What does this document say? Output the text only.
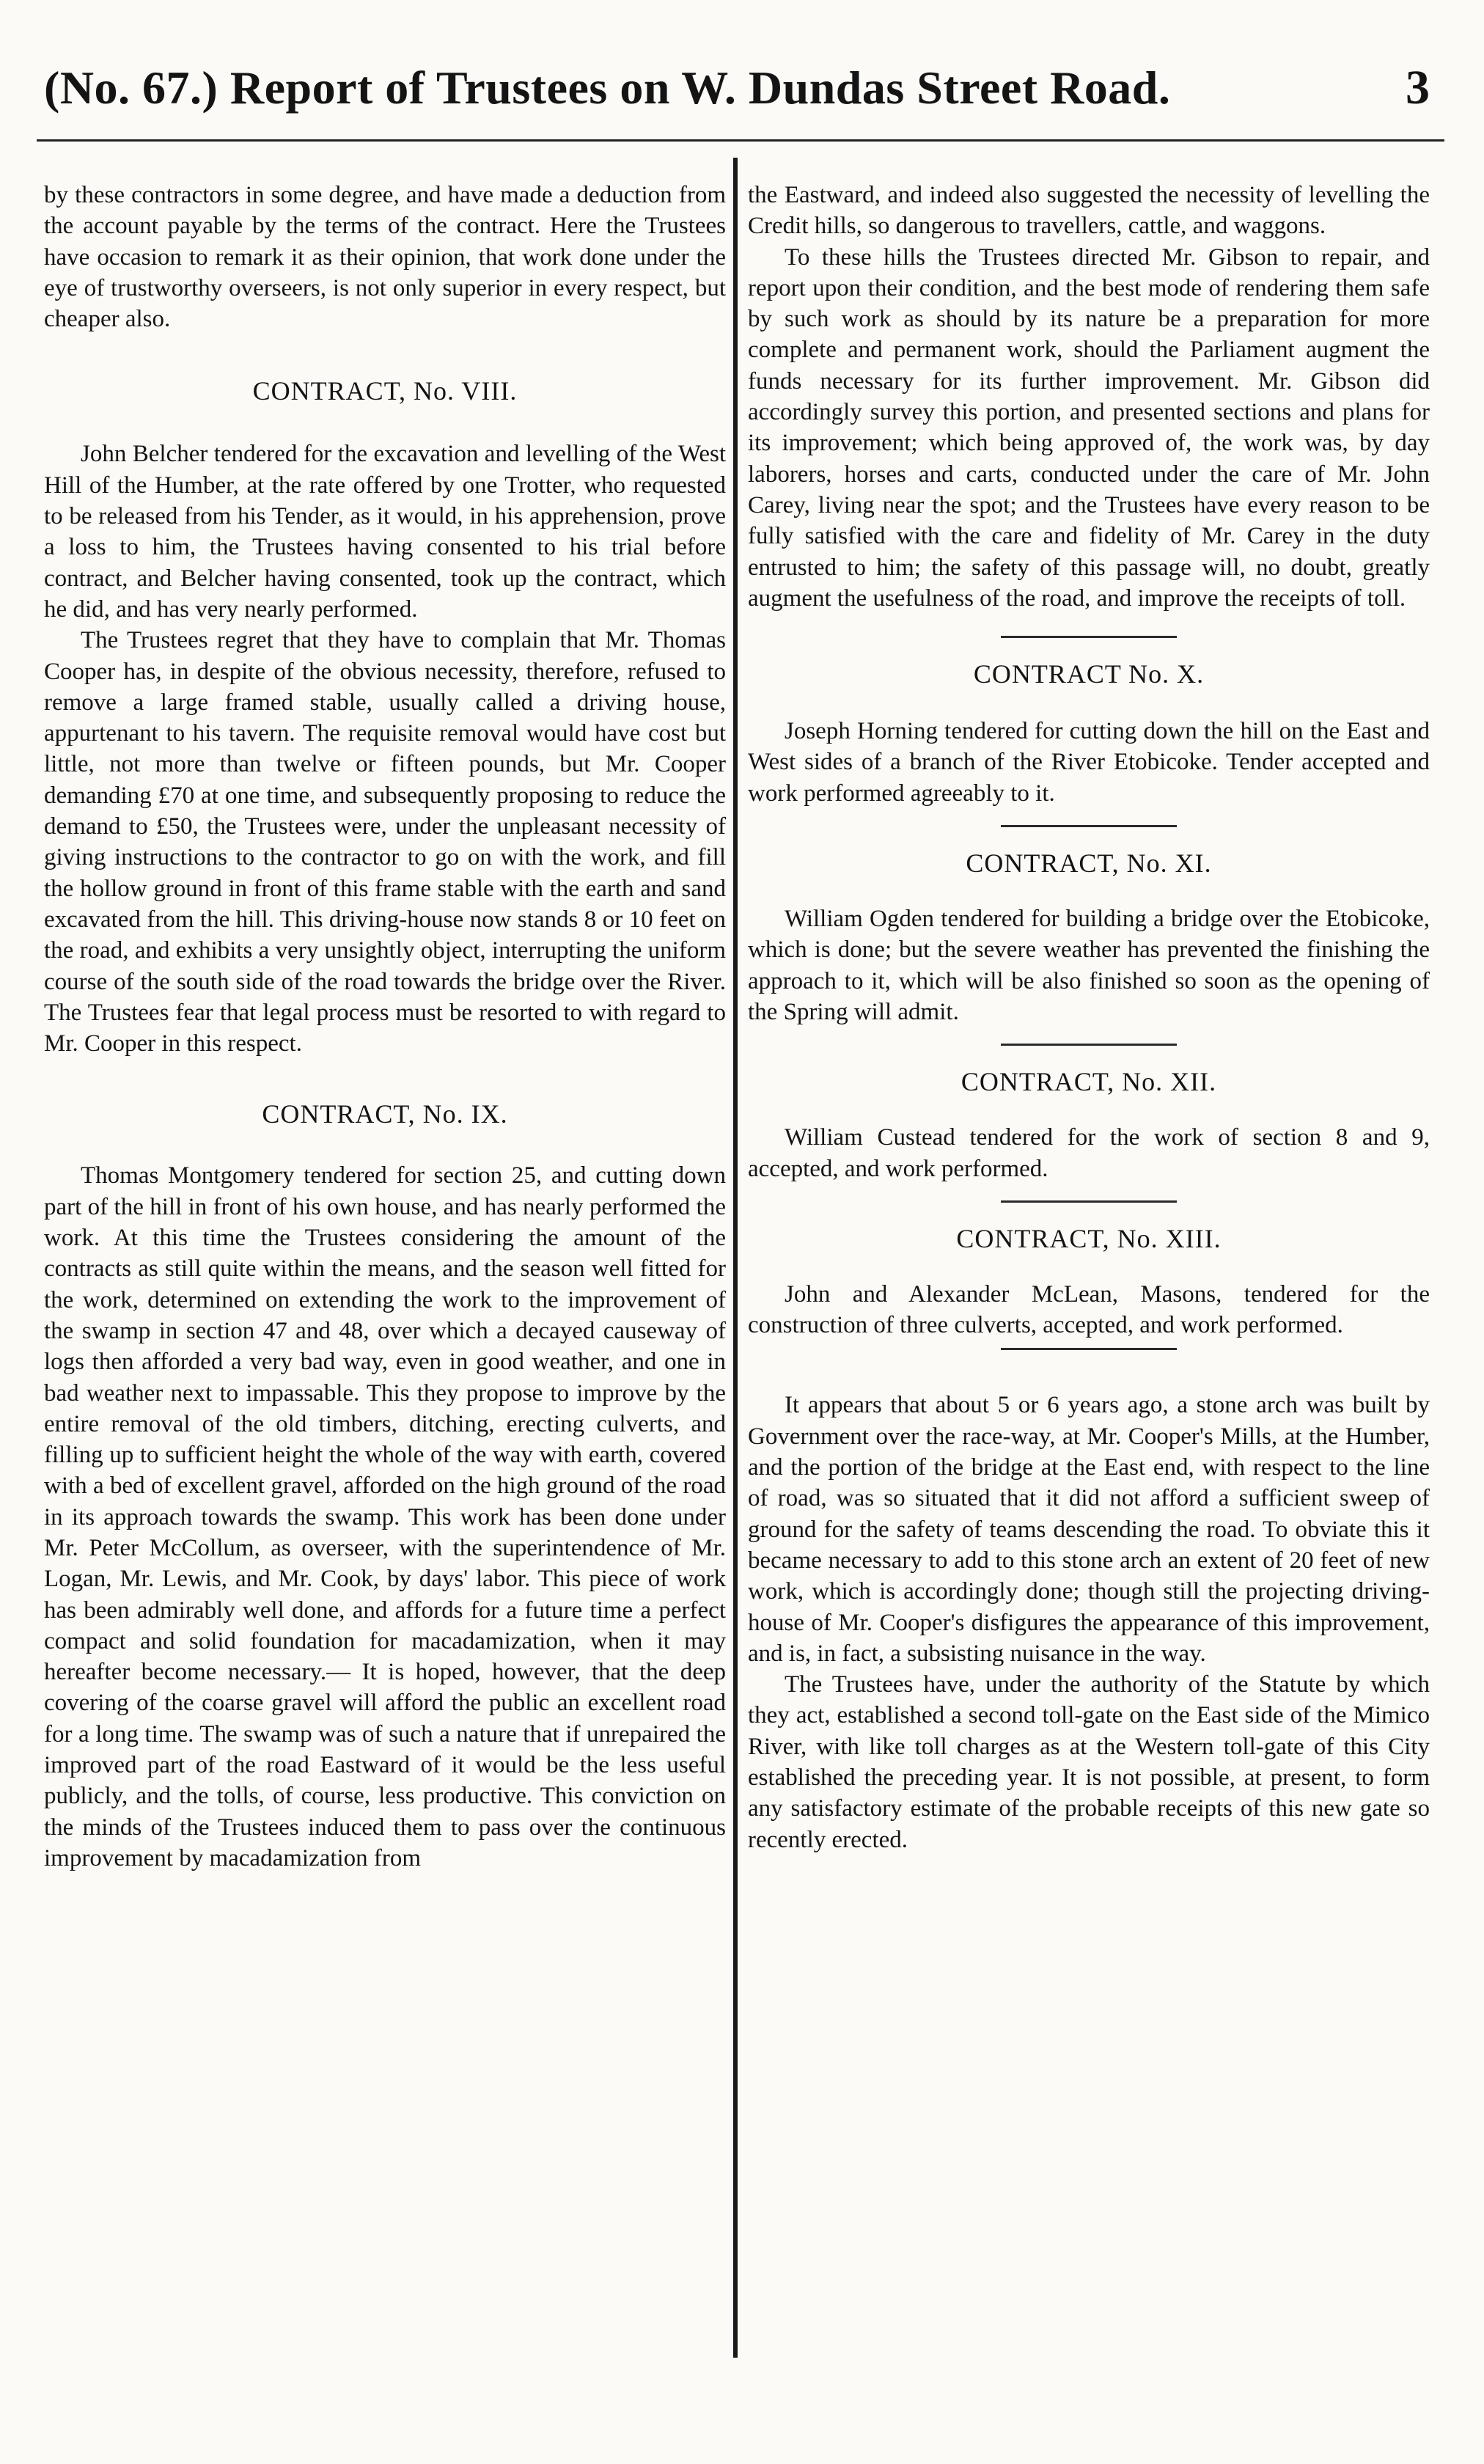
(No. 67.) Report of Trustees on W. Dundas Street Road.	3

by these contractors in some degree, and have made a deduction from the account payable by the terms of the contract. Here the Trustees have occasion to remark it as their opinion, that work done under the eye of trustworthy overseers, is not only superior in every respect, but cheaper also.

CONTRACT, No. VIII.

John Belcher tendered for the excavation and levelling of the West Hill of the Humber, at the rate offered by one Trotter, who requested to be released from his Tender, as it would, in his apprehension, prove a loss to him, the Trustees having consented to his trial before contract, and Belcher having consented, took up the contract, which he did, and has very nearly performed.

The Trustees regret that they have to complain that Mr. Thomas Cooper has, in despite of the obvious necessity, therefore, refused to remove a large framed stable, usually called a driving house, appurtenant to his tavern. The requisite removal would have cost but little, not more than twelve or fifteen pounds, but Mr. Cooper demanding £70 at one time, and subsequently proposing to reduce the demand to £50, the Trustees were, under the unpleasant necessity of giving instructions to the contractor to go on with the work, and fill the hollow ground in front of this frame stable with the earth and sand excavated from the hill. This driving-house now stands 8 or 10 feet on the road, and exhibits a very unsightly object, interrupting the uniform course of the south side of the road towards the bridge over the River. The Trustees fear that legal process must be resorted to with regard to Mr. Cooper in this respect.

CONTRACT, No. IX.

Thomas Montgomery tendered for section 25, and cutting down part of the hill in front of his own house, and has nearly performed the work. At this time the Trustees considering the amount of the contracts as still quite within the means, and the season well fitted for the work, determined on extending the work to the improvement of the swamp in section 47 and 48, over which a decayed causeway of logs then afforded a very bad way, even in good weather, and one in bad weather next to impassable. This they propose to improve by the entire removal of the old timbers, ditching, erecting culverts, and filling up to sufficient height the whole of the way with earth, covered with a bed of excellent gravel, afforded on the high ground of the road in its approach towards the swamp. This work has been done under Mr. Peter McCollum, as overseer, with the superintendence of Mr. Logan, Mr. Lewis, and Mr. Cook, by days' labor. This piece of work has been admirably well done, and affords for a future time a perfect compact and solid foundation for macadamization, when it may hereafter become necessary.— It is hoped, however, that the deep covering of the coarse gravel will afford the public an excellent road for a long time. The swamp was of such a nature that if unrepaired the improved part of the road Eastward of it would be the less useful publicly, and the tolls, of course, less productive. This conviction on the minds of the Trustees induced them to pass over the continuous improvement by macadamization from

the Eastward, and indeed also suggested the necessity of levelling the Credit hills, so dangerous to travellers, cattle, and waggons.

To these hills the Trustees directed Mr. Gibson to repair, and report upon their condition, and the best mode of rendering them safe by such work as should by its nature be a preparation for more complete and permanent work, should the Parliament augment the funds necessary for its further improvement. Mr. Gibson did accordingly survey this portion, and presented sections and plans for its improvement; which being approved of, the work was, by day laborers, horses and carts, conducted under the care of Mr. John Carey, living near the spot; and the Trustees have every reason to be fully satisfied with the care and fidelity of Mr. Carey in the duty entrusted to him; the safety of this passage will, no doubt, greatly augment the usefulness of the road, and improve the receipts of toll.

CONTRACT No. X.

Joseph Horning tendered for cutting down the hill on the East and West sides of a branch of the River Etobicoke. Tender accepted and work performed agreeably to it.

CONTRACT, No. XI.

William Ogden tendered for building a bridge over the Etobicoke, which is done; but the severe weather has prevented the finishing the approach to it, which will be also finished so soon as the opening of the Spring will admit.

CONTRACT, No. XII.

William Custead tendered for the work of section 8 and 9, accepted, and work performed.

CONTRACT, No. XIII.

John and Alexander McLean, Masons, tendered for the construction of three culverts, accepted, and work performed.

It appears that about 5 or 6 years ago, a stone arch was built by Government over the race-way, at Mr. Cooper's Mills, at the Humber, and the portion of the bridge at the East end, with respect to the line of road, was so situated that it did not afford a sufficient sweep of ground for the safety of teams descending the road. To obviate this it became necessary to add to this stone arch an extent of 20 feet of new work, which is accordingly done; though still the projecting driving-house of Mr. Cooper's disfigures the appearance of this improvement, and is, in fact, a subsisting nuisance in the way.

The Trustees have, under the authority of the Statute by which they act, established a second toll-gate on the East side of the Mimico River, with like toll charges as at the Western toll-gate of this City established the preceding year. It is not possible, at present, to form any satisfactory estimate of the probable receipts of this new gate so recently erected.
